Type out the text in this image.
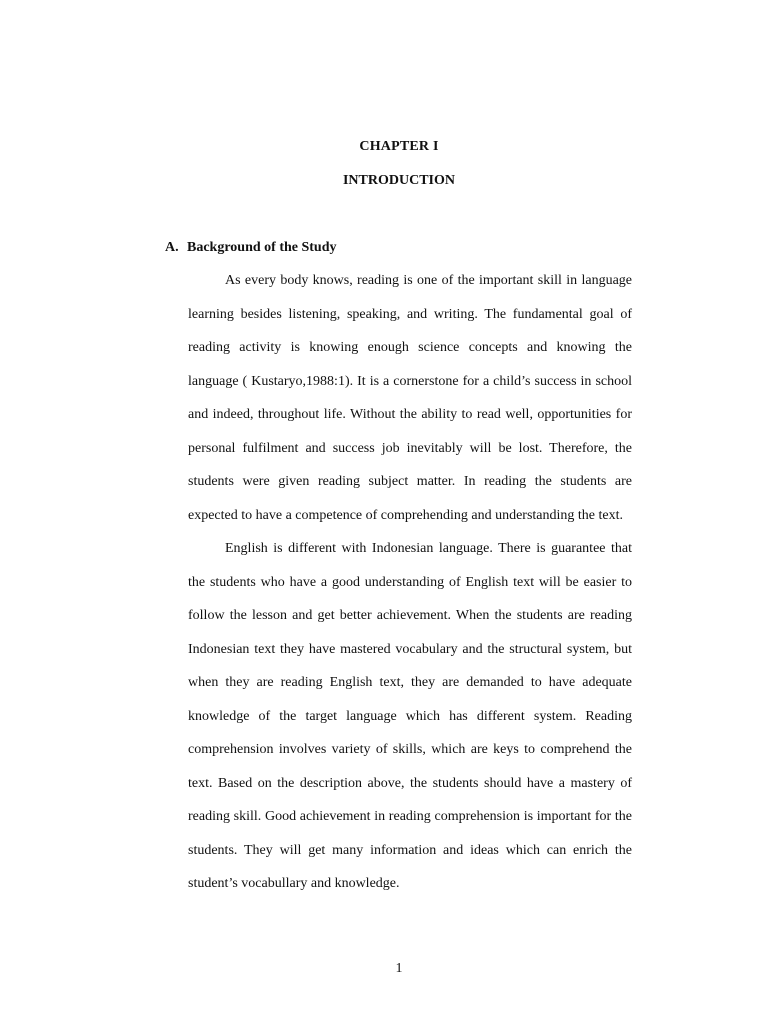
CHAPTER I
INTRODUCTION
A. Background of the Study

As every body knows, reading is one of the important skill in language learning besides listening, speaking, and writing. The fundamental goal of reading activity is knowing enough science concepts and knowing the language ( Kustaryo,1988:1). It is a cornerstone for a child’s success in school and indeed, throughout life. Without the ability to read well, opportunities for personal fulfilment and success job inevitably will be lost. Therefore, the students were given reading subject matter. In reading the students are expected to have a competence of comprehending and understanding the text.

English is different with Indonesian language. There is guarantee that the students who have a good understanding of English text will be easier to follow the lesson and get better achievement. When the students are reading Indonesian text they have mastered vocabulary and the structural system, but when they are reading English text, they are demanded to have adequate knowledge of the target language which has different system. Reading comprehension involves variety of skills, which are keys to comprehend the text. Based on the description above, the students should have a mastery of reading skill. Good achievement in reading comprehension is important for the students. They will get many information and ideas which can enrich the student’s vocabullary and knowledge.

1
